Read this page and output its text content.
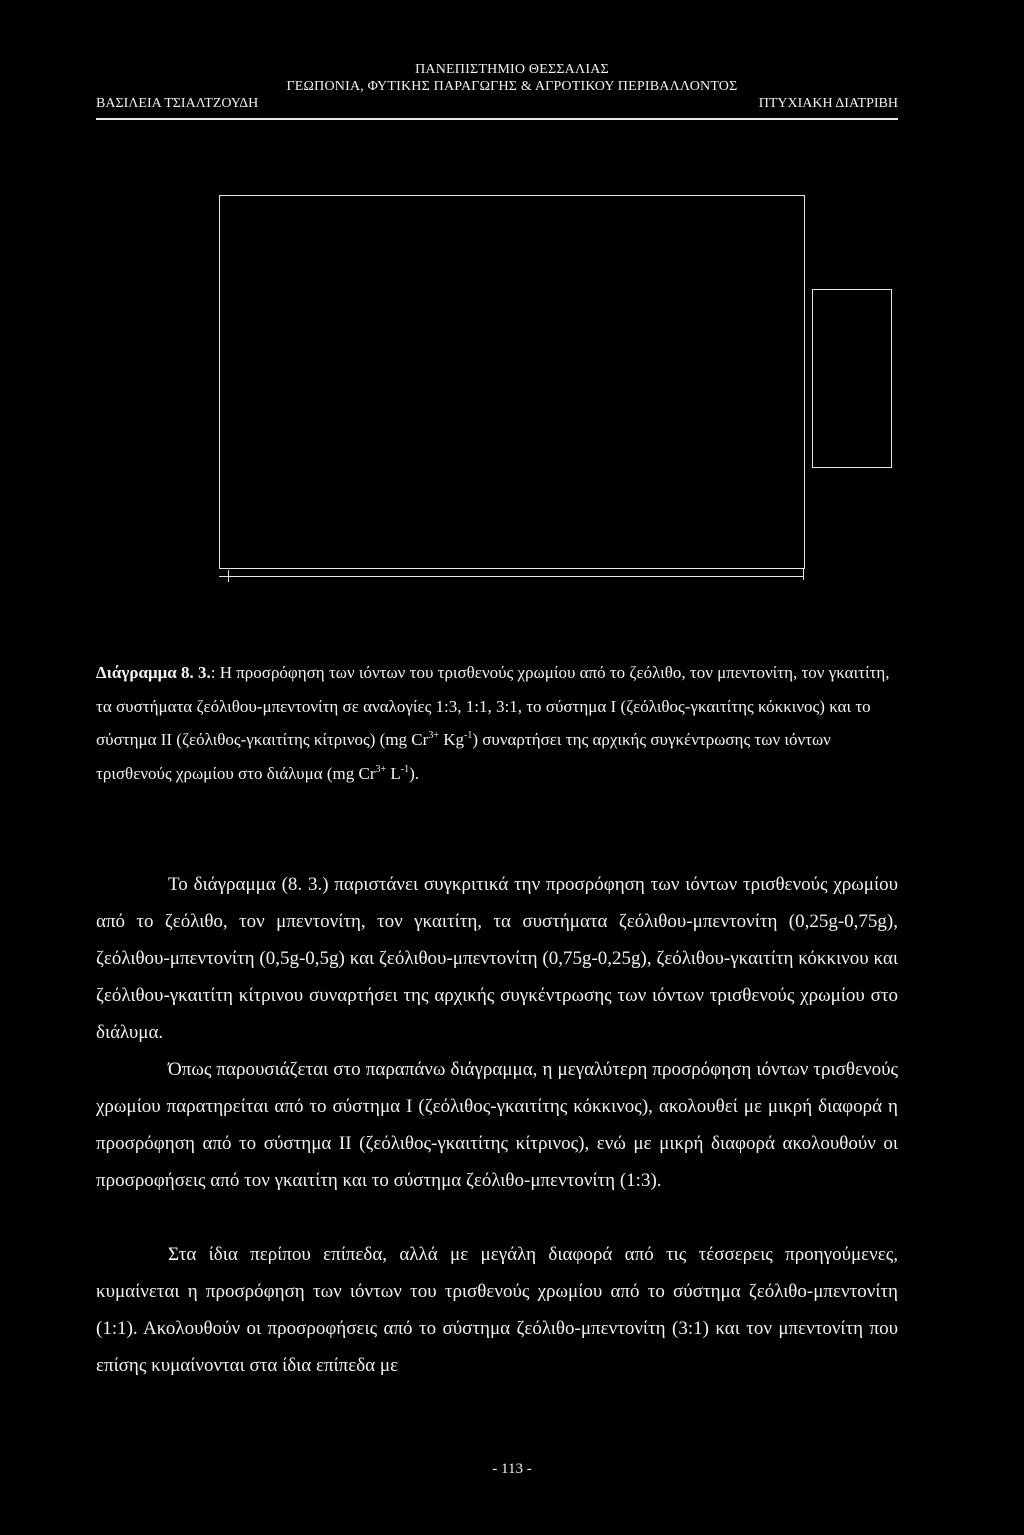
ΠΑΝΕΠΙΣΤΗΜΙΟ ΘΕΣΣΑΛΙΑΣ
ΓΕΩΠΟΝΙΑ, ΦΥΤΙΚΗΣ ΠΑΡΑΓΩΓΗΣ & ΑΓΡΟΤΙΚΟΥ ΠΕΡΙΒΑΛΛΟΝΤΟΣ
ΒΑΣΙΛΕΙΑ ΤΣΙΑΛΤΖΟΥΔΗ	ΠΤΥΧΙΑΚΗ ΔΙΑΤΡΙΒΗ
Διάγραμμα 8. 3.: Η προσρόφηση των ιόντων του τρισθενούς χρωμίου από το ζεόλιθο, τον μπεντονίτη, τον γκαιτίτη, τα συστήματα ζεόλιθου-μπεντονίτη σε αναλογίες 1:3, 1:1, 3:1, το σύστημα Ι (ζεόλιθος-γκαιτίτης κόκκινος) και το σύστημα ΙΙ (ζεόλιθος-γκαιτίτης κίτρινος) (mg $Cr^{3+}$ $Kg^{-1}$) συναρτήσει της αρχικής συγκέντρωσης των ιόντων τρισθενούς χρωμίου στο διάλυμα (mg $Cr^{3+}$ $L^{-1}$).
Το διάγραμμα (8. 3.) παριστάνει συγκριτικά την προσρόφηση των ιόντων τρισθενούς χρωμίου από το ζεόλιθο, τον μπεντονίτη, τον γκαιτίτη, τα συστήματα ζεόλιθου-μπεντονίτη (0,25g-0,75g), ζεόλιθου-μπεντονίτη (0,5g-0,5g) και ζεόλιθου-μπεντονίτη (0,75g-0,25g), ζεόλιθου-γκαιτίτη κόκκινου και ζεόλιθου-γκαιτίτη κίτρινου συναρτήσει της αρχικής συγκέντρωσης των ιόντων τρισθενούς χρωμίου στο διάλυμα.
Όπως παρουσιάζεται στο παραπάνω διάγραμμα, η μεγαλύτερη προσρόφηση ιόντων τρισθενούς χρωμίου παρατηρείται από το σύστημα Ι (ζεόλιθος-γκαιτίτης κόκκινος), ακολουθεί με μικρή διαφορά η προσρόφηση από το σύστημα ΙΙ (ζεόλιθος-γκαιτίτης κίτρινος), ενώ με μικρή διαφορά ακολουθούν οι προσροφήσεις από τον γκαιτίτη και το σύστημα ζεόλιθο-μπεντονίτη (1:3).
Στα ίδια περίπου επίπεδα, αλλά με μεγάλη διαφορά από τις τέσσερεις προηγούμενες, κυμαίνεται η προσρόφηση των ιόντων του τρισθενούς χρωμίου από το σύστημα ζεόλιθο-μπεντονίτη (1:1). Ακολουθούν οι προσροφήσεις από το σύστημα ζεόλιθο-μπεντονίτη (3:1) και τον μπεντονίτη που επίσης κυμαίνονται στα ίδια επίπεδα με
- 113 -
